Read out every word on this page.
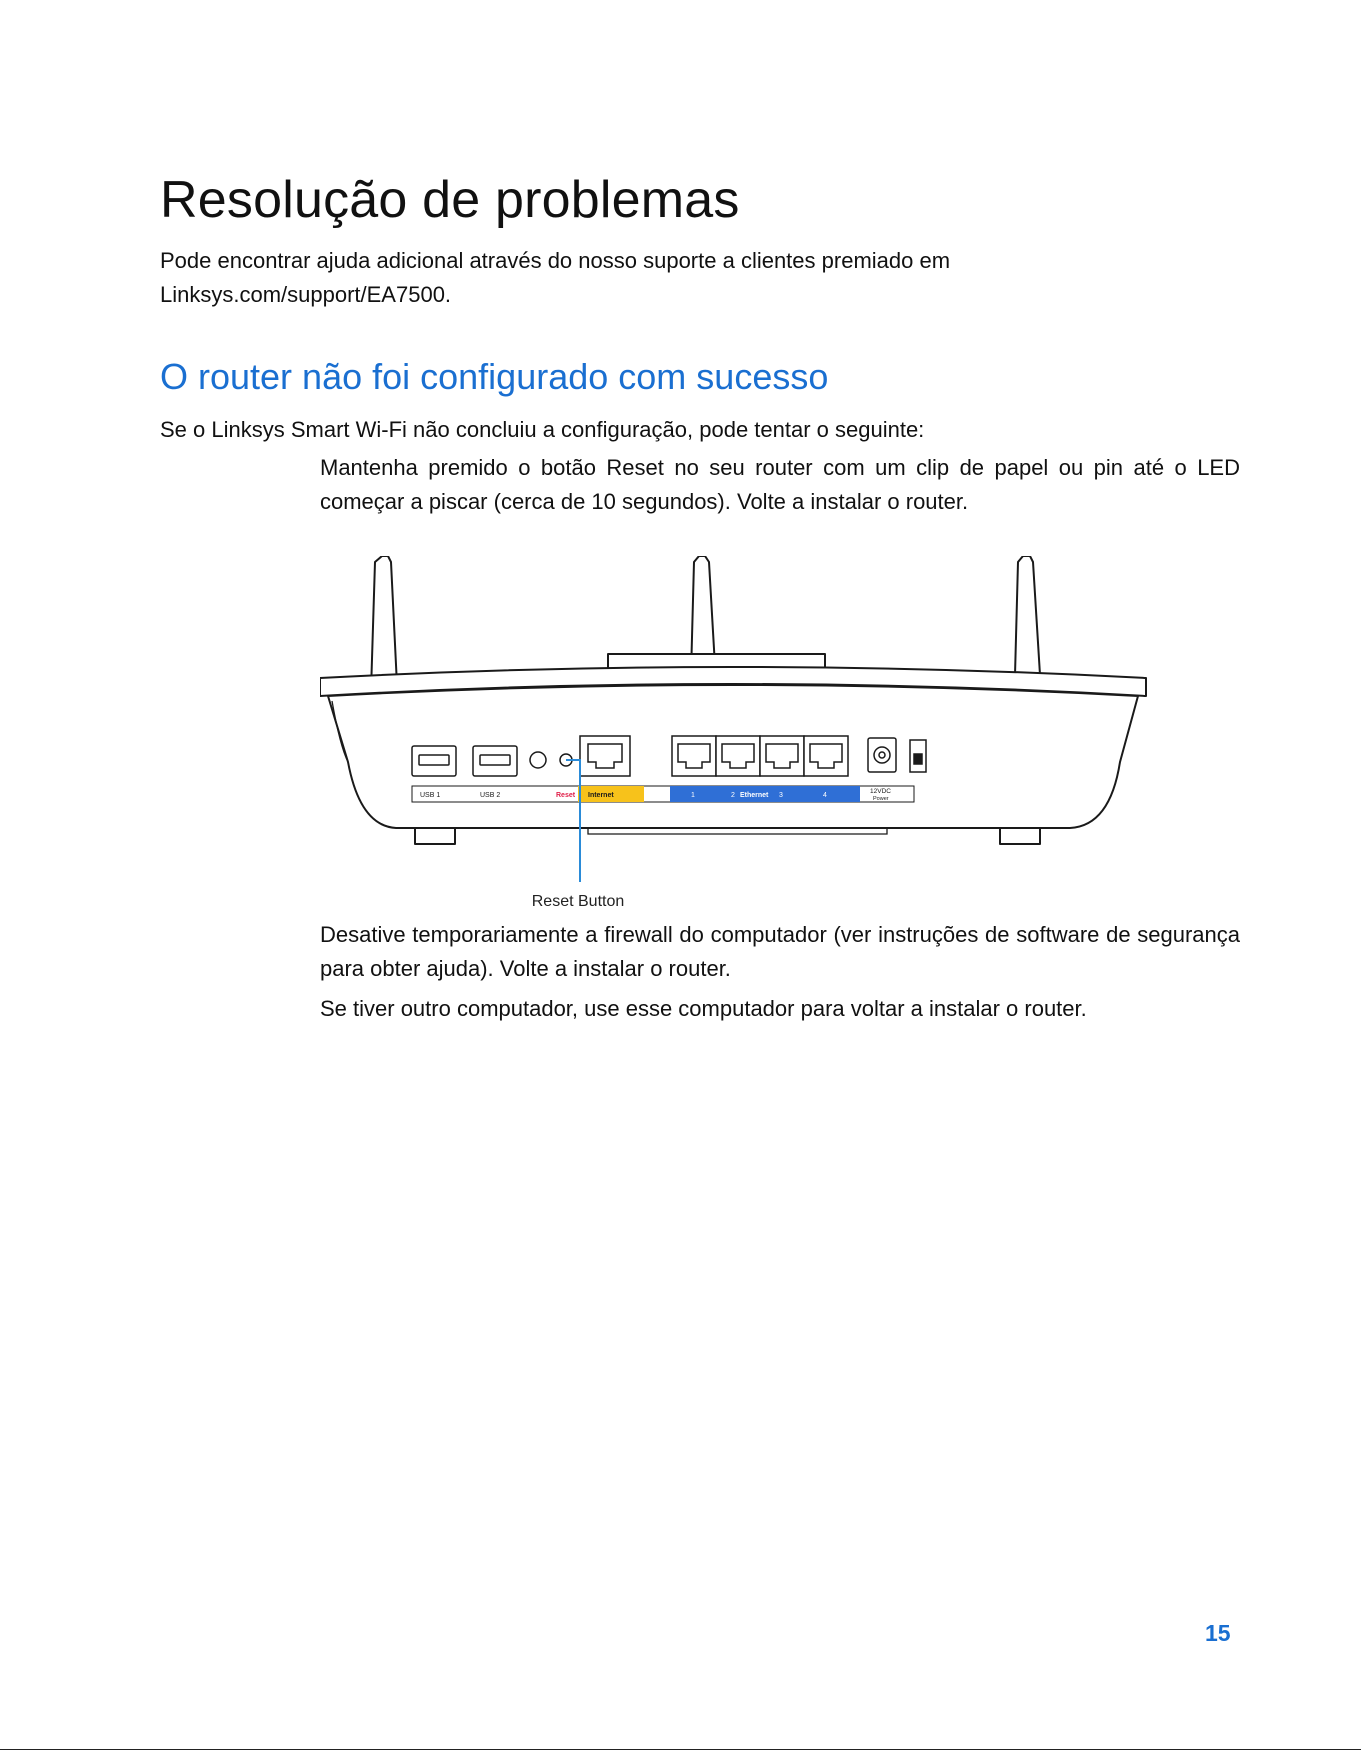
Resolução de problemas
Pode encontrar ajuda adicional através do nosso suporte a clientes premiado em
Linksys.com/support/EA7500.
O router não foi configurado com sucesso

Se o Linksys Smart Wi-Fi não concluiu a configuração, pode tentar o seguinte:

Mantenha premido o botão Reset no seu router com um clip de papel ou pin até o LED começar a piscar (cerca de 10 segundos). Volte a instalar o router.

USB 1	USB 2	Reset Internet	1	2 Ethernet 3	4
12VDC
Power
Reset Button

Desative temporariamente a firewall do computador (ver instruções de software de segurança para obter ajuda). Volte a instalar o router.

Se tiver outro computador, use esse computador para voltar a instalar o router.

15
